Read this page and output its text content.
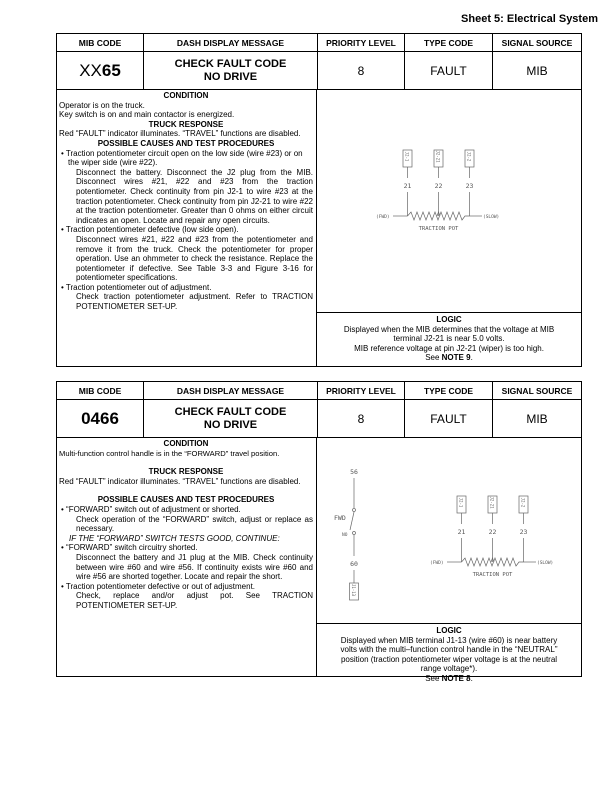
Sheet 5: Electrical System
MIB CODE	DASH DISPLAY MESSAGE	PRIORITY LEVEL	TYPE CODE	SIGNAL SOURCE
XX 65	CHECK FAULT CODE
NO DRIVE	8	FAULT	MIB
CONDITION
Operator is on the truck.
Key switch is on and main contactor is energized.
TRUCK RESPONSE
Red “FAULT” indicator illuminates. “TRAVEL” functions are disabled.
POSSIBLE CAUSES AND TEST PROCEDURES
• Traction potentiometer circuit open on the low side (wire #23) or on the wiper side (wire #22).
Disconnect the battery. Disconnect the J2 plug from the MIB. Disconnect wires #21, #22 and #23 from the traction potentiometer. Check continuity from pin J2-1 to wire #23 at the traction potentiometer. Check continuity from pin J2-21 to wire #22 at the traction potentiometer. Greater than 0 ohms on either circuit indicates an open. Locate and repair any open circuits.
• Traction potentiometer defective (low side open).
Disconnect wires #21, #22 and #23 from the potentiometer and remove it from the truck. Check the potentiometer for proper operation. Use an ohmmeter to check the resistance. Replace the potentiometer if defective. See Table 3-3 and Figure 3-16 for potentiometer specifications.
• Traction potentiometer out of adjustment.
Check traction potentiometer adjustment. Refer to TRACTION POTENTIOMETER SET-UP.
J2-1	J2-21	J2-2
21	22	23
(FWD)	(SLOW)
TRACTION POT
LOGIC
Displayed when the MIB determines that the voltage at MIB
terminal J2-21 is near 5.0 volts.
MIB reference voltage at pin J2-21 (wiper) is too high.
See NOTE 9.
MIB CODE	DASH DISPLAY MESSAGE	PRIORITY LEVEL	TYPE CODE	SIGNAL SOURCE
0466	CHECK FAULT CODE
NO DRIVE	8	FAULT	MIB
CONDITION
Multi-function control handle is in the “FORWARD” travel position.
TRUCK RESPONSE
Red “FAULT” indicator illuminates. “TRAVEL” functions are disabled.
POSSIBLE CAUSES AND TEST PROCEDURES
• “FORWARD” switch out of adjustment or shorted.
Check operation of the “FORWARD” switch, adjust or replace as necessary.
IF THE “FORWARD” SWITCH TESTS GOOD, CONTINUE:
• “FORWARD” switch circuitry shorted.
Disconnect the battery and J1 plug at the MIB. Check continuity between wire #60 and wire #56. If continuity exists wire #60 and wire #56 are shorted together. Locate and repair the short.
• Traction potentiometer defective or out of adjustment.
Check, replace and/or adjust pot. See TRACTION POTENTIOMETER SET-UP.
56
FWD
NO
60
J1-13
J2-1	J2-21	J2-2
21	22	23
(FWD)	(SLOW)
TRACTION POT
LOGIC
Displayed when MIB terminal J1-13 (wire #60) is near battery
volts with the multi–function control handle in the “NEUTRAL”
position (traction potentiometer wiper voltage is at the neutral
range voltage*).
See NOTE 8.
